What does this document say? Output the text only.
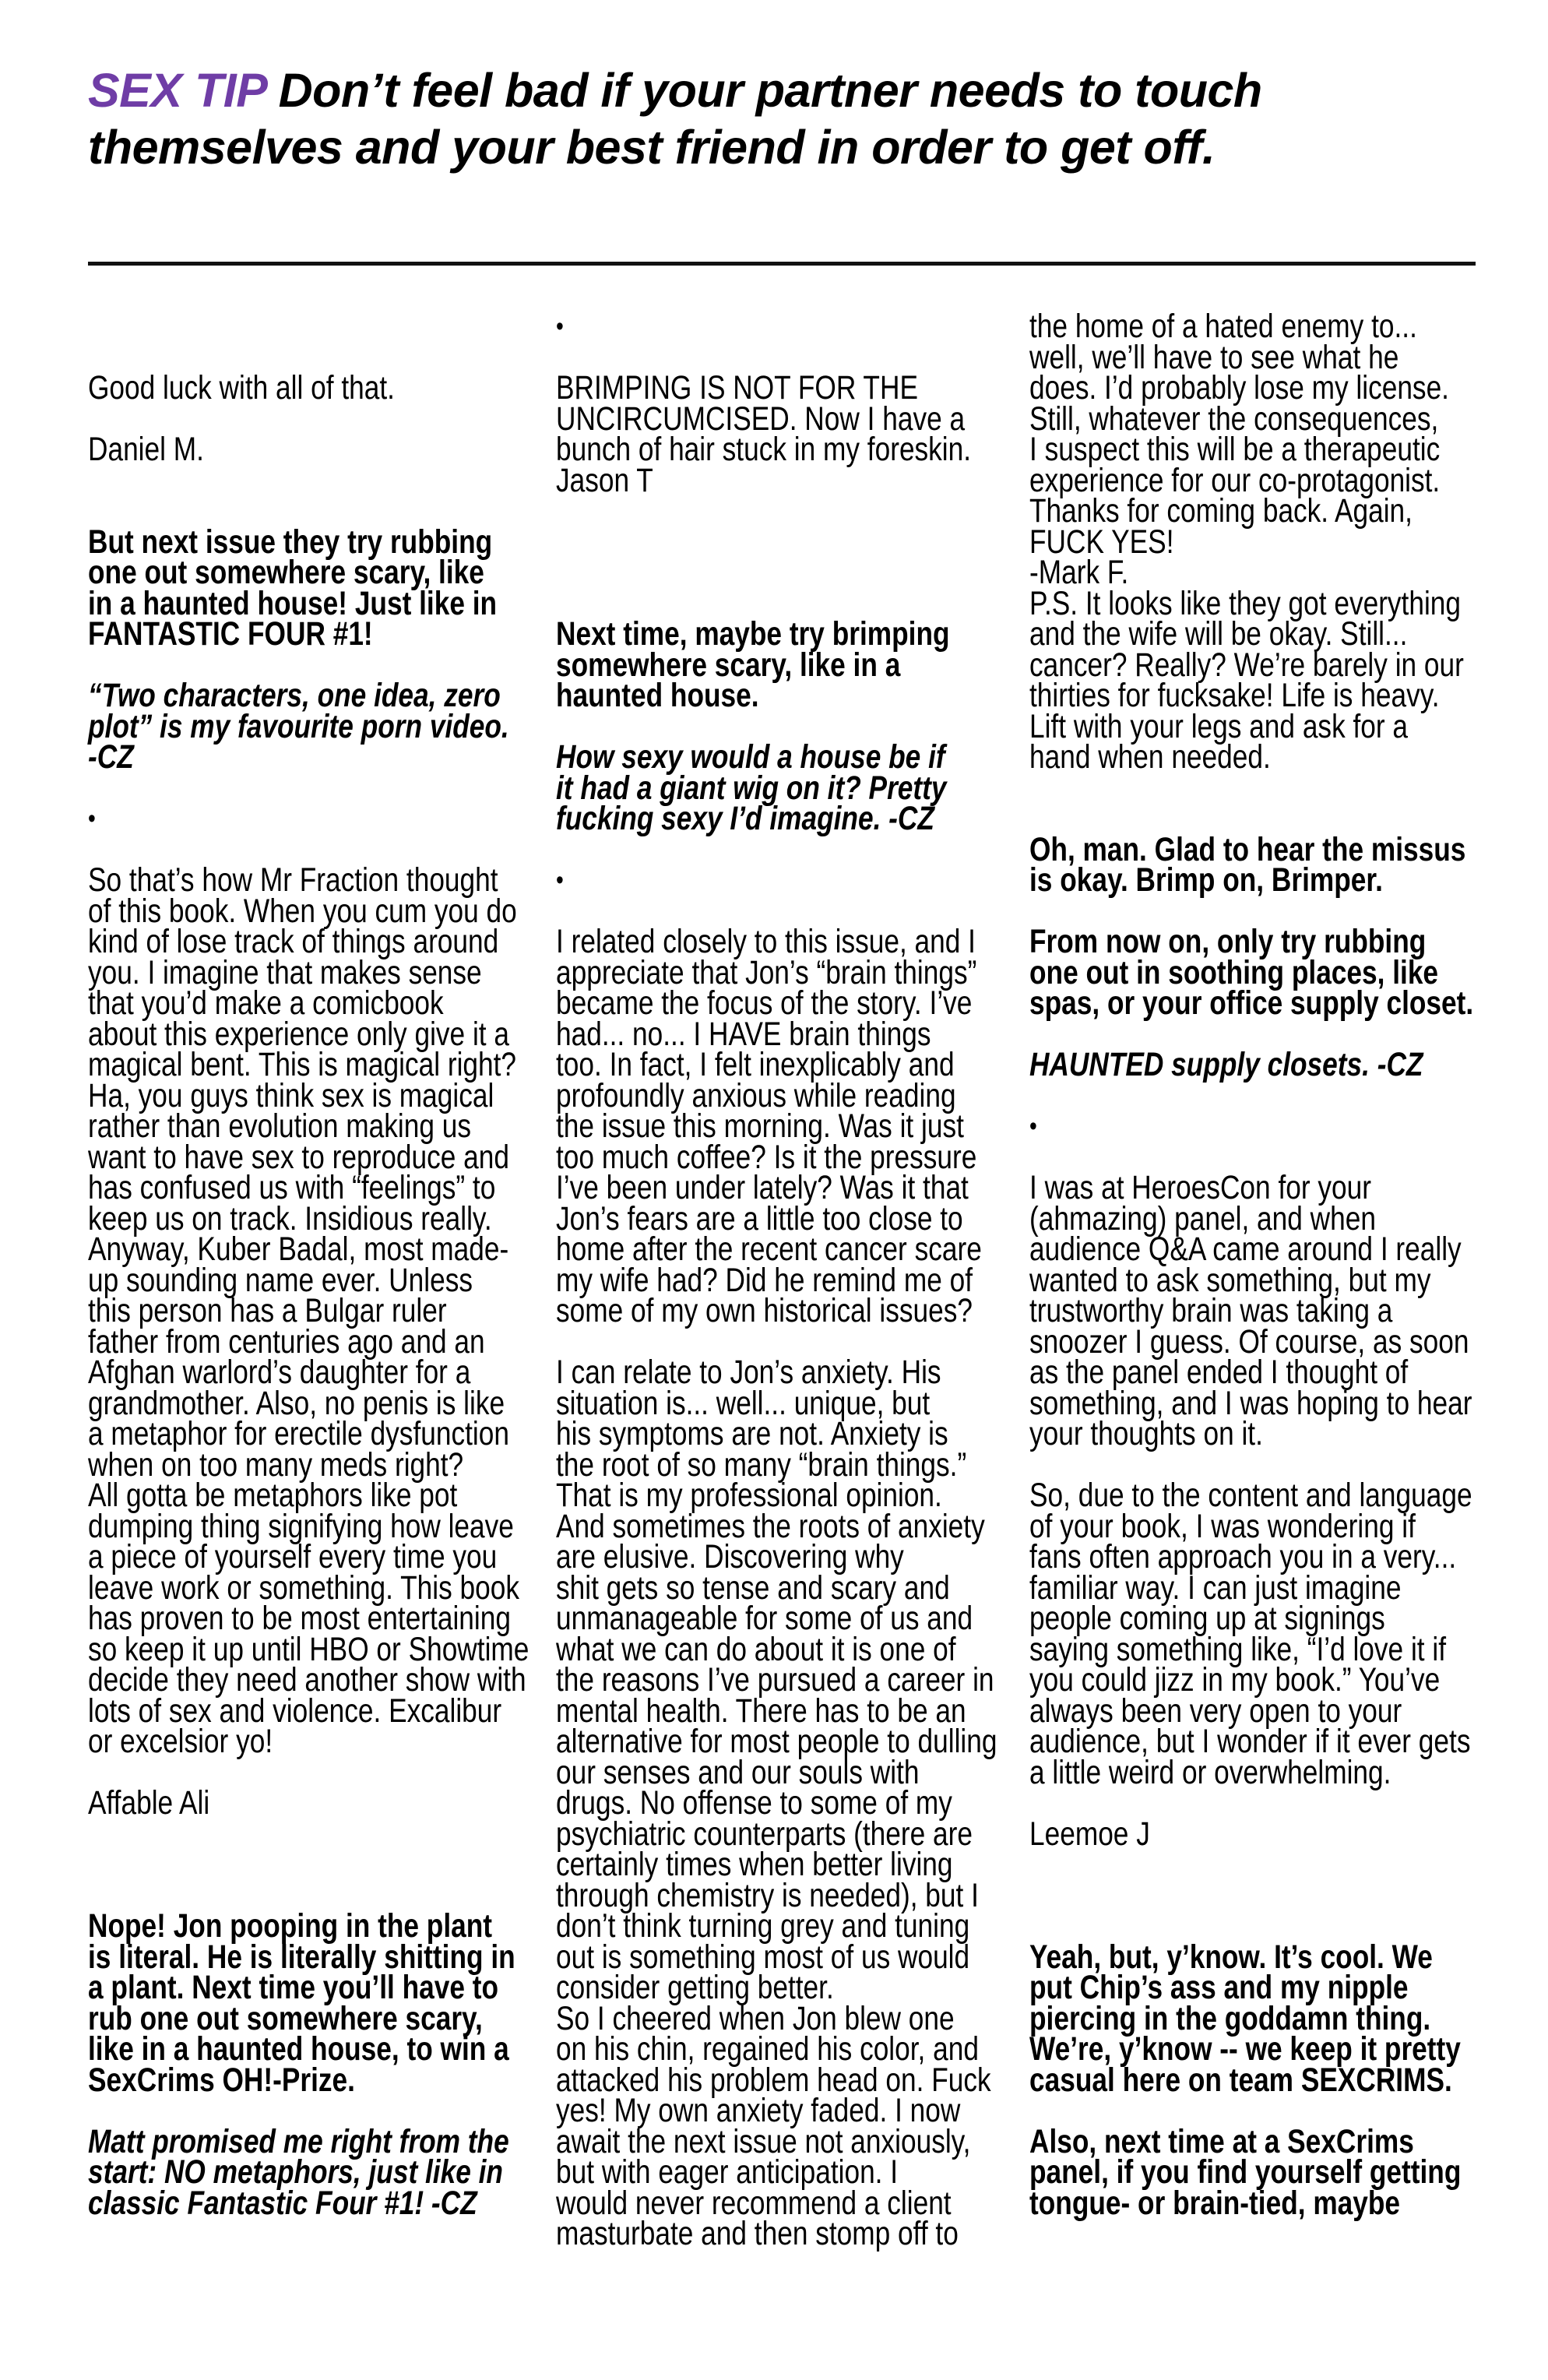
SEX TIP Don’t feel bad if your partner needs to touch themselves and your best friend in order to get off.
Good luck with all of that.
Daniel M.
But next issue they try rubbing
one out somewhere scary, like
in a haunted house! Just like in
FANTASTIC FOUR #1!
“Two characters, one idea, zero
plot” is my favourite porn video.
-CZ
•
So that’s how Mr Fraction thought
of this book. When you cum you do
kind of lose track of things around
you. I imagine that makes sense
that you’d make a comicbook
about this experience only give it a
magical bent. This is magical right?
Ha, you guys think sex is magical
rather than evolution making us
want to have sex to reproduce and
has confused us with “feelings” to
keep us on track. Insidious really.
Anyway, Kuber Badal, most made-
up sounding name ever. Unless
this person has a Bulgar ruler
father from centuries ago and an
Afghan warlord’s daughter for a
grandmother. Also, no penis is like
a metaphor for erectile dysfunction
when on too many meds right?
All gotta be metaphors like pot
dumping thing signifying how leave
a piece of yourself every time you
leave work or something. This book
has proven to be most entertaining
so keep it up until HBO or Showtime
decide they need another show with
lots of sex and violence. Excalibur
or excelsior yo!
Affable Ali
Nope! Jon pooping in the plant
is literal. He is literally shitting in
a plant. Next time you’ll have to
rub one out somewhere scary,
like in a haunted house, to win a
SexCrims OH!-Prize.
Matt promised me right from the
start: NO metaphors, just like in
classic Fantastic Four #1! -CZ
•
BRIMPING IS NOT FOR THE
UNCIRCUMCISED. Now I have a
bunch of hair stuck in my foreskin.
Jason T
Next time, maybe try brimping
somewhere scary, like in a
haunted house.
How sexy would a house be if
it had a giant wig on it? Pretty
fucking sexy I’d imagine. -CZ
•
I related closely to this issue, and I
appreciate that Jon’s “brain things”
became the focus of the story. I’ve
had... no... I HAVE brain things
too. In fact, I felt inexplicably and
profoundly anxious while reading
the issue this morning. Was it just
too much coffee? Is it the pressure
I’ve been under lately? Was it that
Jon’s fears are a little too close to
home after the recent cancer scare
my wife had? Did he remind me of
some of my own historical issues?
I can relate to Jon’s anxiety. His
situation is... well... unique, but
his symptoms are not. Anxiety is
the root of so many “brain things.”
That is my professional opinion.
And sometimes the roots of anxiety
are elusive. Discovering why
shit gets so tense and scary and
unmanageable for some of us and
what we can do about it is one of
the reasons I’ve pursued a career in
mental health. There has to be an
alternative for most people to dulling
our senses and our souls with
drugs. No offense to some of my
psychiatric counterparts (there are
certainly times when better living
through chemistry is needed), but I
don’t think turning grey and tuning
out is something most of us would
consider getting better.
So I cheered when Jon blew one
on his chin, regained his color, and
attacked his problem head on. Fuck
yes! My own anxiety faded. I now
await the next issue not anxiously,
but with eager anticipation. I
would never recommend a client
masturbate and then stomp off to
the home of a hated enemy to...
well, we’ll have to see what he
does. I’d probably lose my license.
Still, whatever the consequences,
I suspect this will be a therapeutic
experience for our co-protagonist.
Thanks for coming back. Again,
FUCK YES!
-Mark F.
P.S. It looks like they got everything
and the wife will be okay. Still...
cancer? Really? We’re barely in our
thirties for fucksake! Life is heavy.
Lift with your legs and ask for a
hand when needed.
Oh, man. Glad to hear the missus
is okay. Brimp on, Brimper.
From now on, only try rubbing
one out in soothing places, like
spas, or your office supply closet.
HAUNTED supply closets. -CZ
•
I was at HeroesCon for your
(ahmazing) panel, and when
audience Q&A came around I really
wanted to ask something, but my
trustworthy brain was taking a
snoozer I guess. Of course, as soon
as the panel ended I thought of
something, and I was hoping to hear
your thoughts on it.
So, due to the content and language
of your book, I was wondering if
fans often approach you in a very...
familiar way. I can just imagine
people coming up at signings
saying something like, “I’d love it if
you could jizz in my book.” You’ve
always been very open to your
audience, but I wonder if it ever gets
a little weird or overwhelming.
Leemoe J
Yeah, but, y’know. It’s cool. We
put Chip’s ass and my nipple
piercing in the goddamn thing.
We’re, y’know -- we keep it pretty
casual here on team SEXCRIMS.
Also, next time at a SexCrims
panel, if you find yourself getting
tongue- or brain-tied, maybe
